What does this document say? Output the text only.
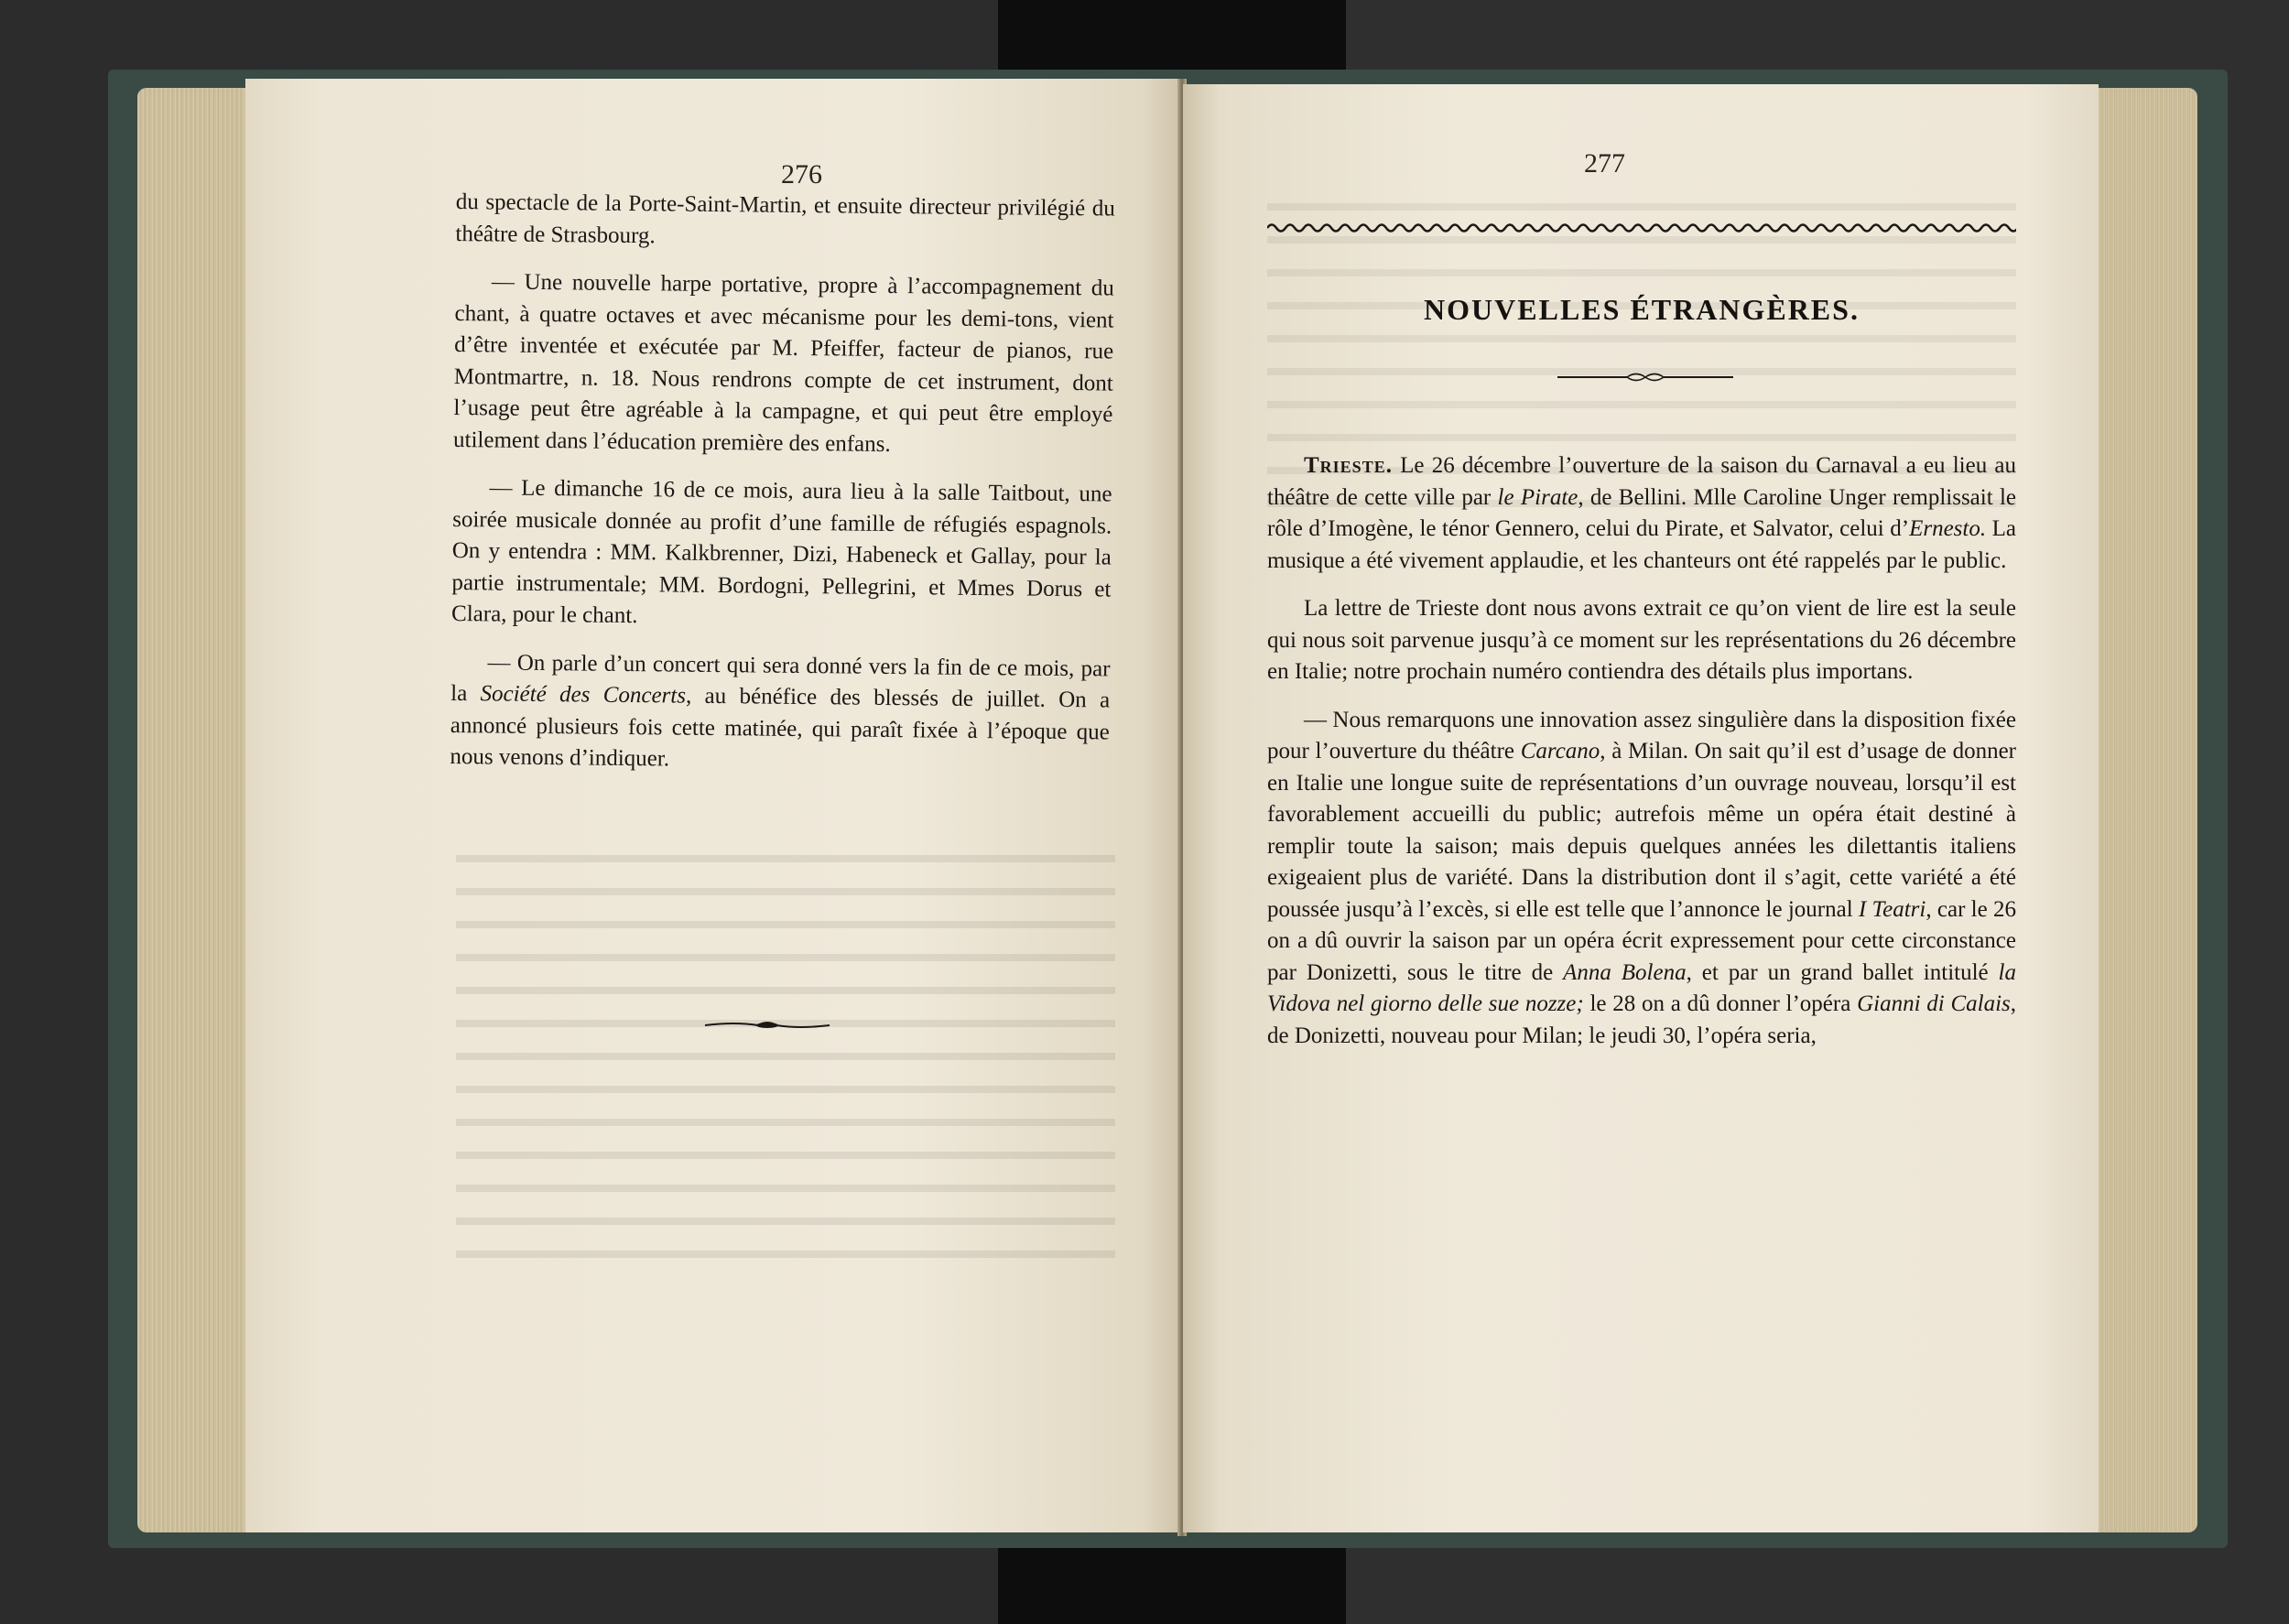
276

du spectacle de la Porte-Saint-Martin, et ensuite directeur privilégié du théâtre de Strasbourg.

— Une nouvelle harpe portative, propre à l’accompagnement du chant, à quatre octaves et avec mécanisme pour les demi-tons, vient d’être inventée et exécutée par M. Pfeiffer, facteur de pianos, rue Montmartre, n. 18. Nous rendrons compte de cet instrument, dont l’usage peut être agréable à la campagne, et qui peut être employé utilement dans l’éducation première des enfans.

— Le dimanche 16 de ce mois, aura lieu à la salle Taitbout, une soirée musicale donnée au profit d’une famille de réfugiés espagnols. On y entendra : MM. Kalkbrenner, Dizi, Habeneck et Gallay, pour la partie instrumentale; MM. Bordogni, Pellegrini, et Mmes Dorus et Clara, pour le chant.

— On parle d’un concert qui sera donné vers la fin de ce mois, par la Société des Concerts, au bénéfice des blessés de juillet. On a annoncé plusieurs fois cette matinée, qui paraît fixée à l’époque que nous venons d’indiquer.

277
NOUVELLES ÉTRANGÈRES.

Trieste. Le 26 décembre l’ouverture de la saison du Carnaval a eu lieu au théâtre de cette ville par le Pirate, de Bellini. Mlle Caroline Unger remplissait le rôle d’Imogène, le ténor Gennero, celui du Pirate, et Salvator, celui d’Ernesto. La musique a été vivement applaudie, et les chanteurs ont été rappelés par le public.

La lettre de Trieste dont nous avons extrait ce qu’on vient de lire est la seule qui nous soit parvenue jusqu’à ce moment sur les représentations du 26 décembre en Italie; notre prochain numéro contiendra des détails plus importans.

— Nous remarquons une innovation assez singulière dans la disposition fixée pour l’ouverture du théâtre Carcano, à Milan. On sait qu’il est d’usage de donner en Italie une longue suite de représentations d’un ouvrage nouveau, lorsqu’il est favorablement accueilli du public; autrefois même un opéra était destiné à remplir toute la saison; mais depuis quelques années les dilettantis italiens exigeaient plus de variété. Dans la distribution dont il s’agit, cette variété a été poussée jusqu’à l’excès, si elle est telle que l’annonce le journal I Teatri, car le 26 on a dû ouvrir la saison par un opéra écrit expressement pour cette circonstance par Donizetti, sous le titre de Anna Bolena, et par un grand ballet intitulé la Vidova nel giorno delle sue nozze; le 28 on a dû donner l’opéra Gianni di Calais, de Donizetti, nouveau pour Milan; le jeudi 30, l’opéra seria,
